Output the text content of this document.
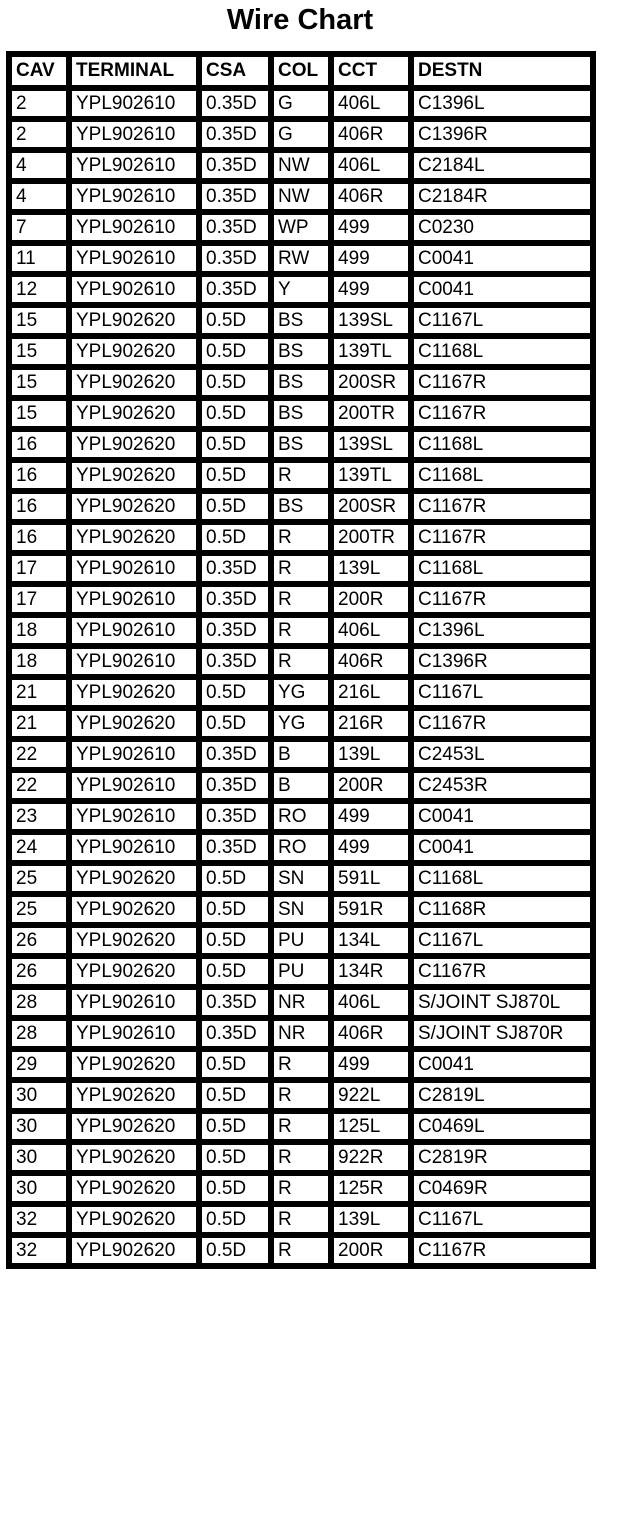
Wire Chart
CAV	TERMINAL	CSA	COL	CCT	DESTN
2	YPL902610	0.35D	G	406L	C1396L
2	YPL902610	0.35D	G	406R	C1396R
4	YPL902610	0.35D	NW	406L	C2184L
4	YPL902610	0.35D	NW	406R	C2184R
7	YPL902610	0.35D	WP	499	C0230
11	YPL902610	0.35D	RW	499	C0041
12	YPL902610	0.35D	Y	499	C0041
15	YPL902620	0.5D	BS	139SL	C1167L
15	YPL902620	0.5D	BS	139TL	C1168L
15	YPL902620	0.5D	BS	200SR	C1167R
15	YPL902620	0.5D	BS	200TR	C1167R
16	YPL902620	0.5D	BS	139SL	C1168L
16	YPL902620	0.5D	R	139TL	C1168L
16	YPL902620	0.5D	BS	200SR	C1167R
16	YPL902620	0.5D	R	200TR	C1167R
17	YPL902610	0.35D	R	139L	C1168L
17	YPL902610	0.35D	R	200R	C1167R
18	YPL902610	0.35D	R	406L	C1396L
18	YPL902610	0.35D	R	406R	C1396R
21	YPL902620	0.5D	YG	216L	C1167L
21	YPL902620	0.5D	YG	216R	C1167R
22	YPL902610	0.35D	B	139L	C2453L
22	YPL902610	0.35D	B	200R	C2453R
23	YPL902610	0.35D	RO	499	C0041
24	YPL902610	0.35D	RO	499	C0041
25	YPL902620	0.5D	SN	591L	C1168L
25	YPL902620	0.5D	SN	591R	C1168R
26	YPL902620	0.5D	PU	134L	C1167L
26	YPL902620	0.5D	PU	134R	C1167R
28	YPL902610	0.35D	NR	406L	S/JOINT SJ870L
28	YPL902610	0.35D	NR	406R	S/JOINT SJ870R
29	YPL902620	0.5D	R	499	C0041
30	YPL902620	0.5D	R	922L	C2819L
30	YPL902620	0.5D	R	125L	C0469L
30	YPL902620	0.5D	R	922R	C2819R
30	YPL902620	0.5D	R	125R	C0469R
32	YPL902620	0.5D	R	139L	C1167L
32	YPL902620	0.5D	R	200R	C1167R
